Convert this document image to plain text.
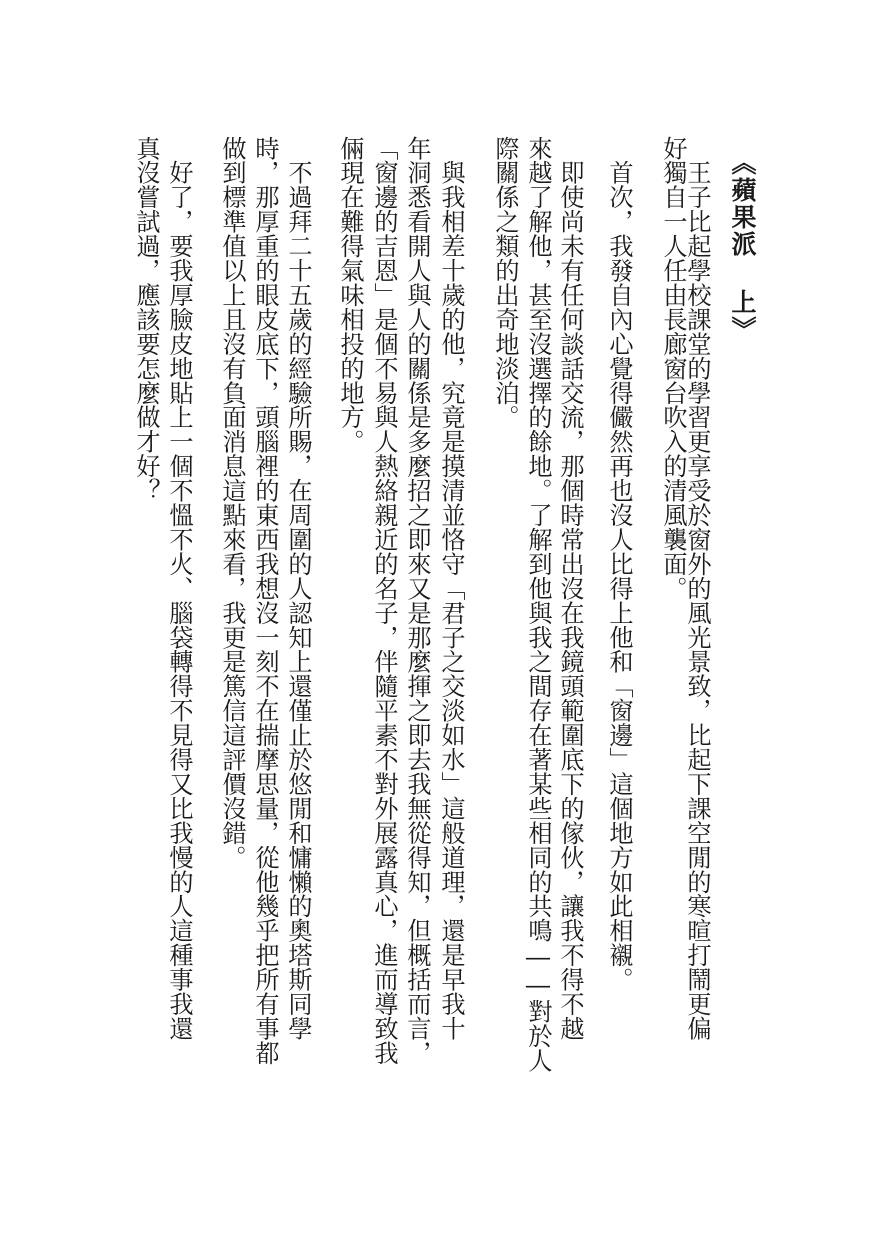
《蘋果派 上》
　王子比起學校課堂的學習更享受於窗外的風光景致，比起下課空閒的寒暄打鬧更偏
好獨自一人任由長廊窗台吹入的清風襲面。
　首次，我發自內心覺得儼然再也沒人比得上他和「窗邊」這個地方如此相襯。
　即使尚未有任何談話交流，那個時常出沒在我鏡頭範圍底下的傢伙，讓我不得不越
來越了解他，甚至沒選擇的餘地。了解到他與我之間存在著某些相同的共鳴――對於人
際關係之類的出奇地淡泊。
　與我相差十歲的他，究竟是摸清並恪守「君子之交淡如水」這般道理，還是早我十
年洞悉看開人與人的關係是多麼招之即來又是那麼揮之即去我無從得知，但概括而言，
「窗邊的吉恩」是個不易與人熱絡親近的名子，伴隨平素不對外展露真心，進而導致我
倆現在難得氣味相投的地方。
　不過拜二十五歲的經驗所賜，在周圍的人認知上還僅止於悠閒和慵懶的奧塔斯同學
時，那厚重的眼皮底下，頭腦裡的東西我想沒一刻不在揣摩思量，從他幾乎把所有事都
做到標準值以上且沒有負面消息這點來看，我更是篤信這評價沒錯。
　好了，要我厚臉皮地貼上一個不慍不火、腦袋轉得不見得又比我慢的人這種事我還
真沒嘗試過，應該要怎麼做才好？
